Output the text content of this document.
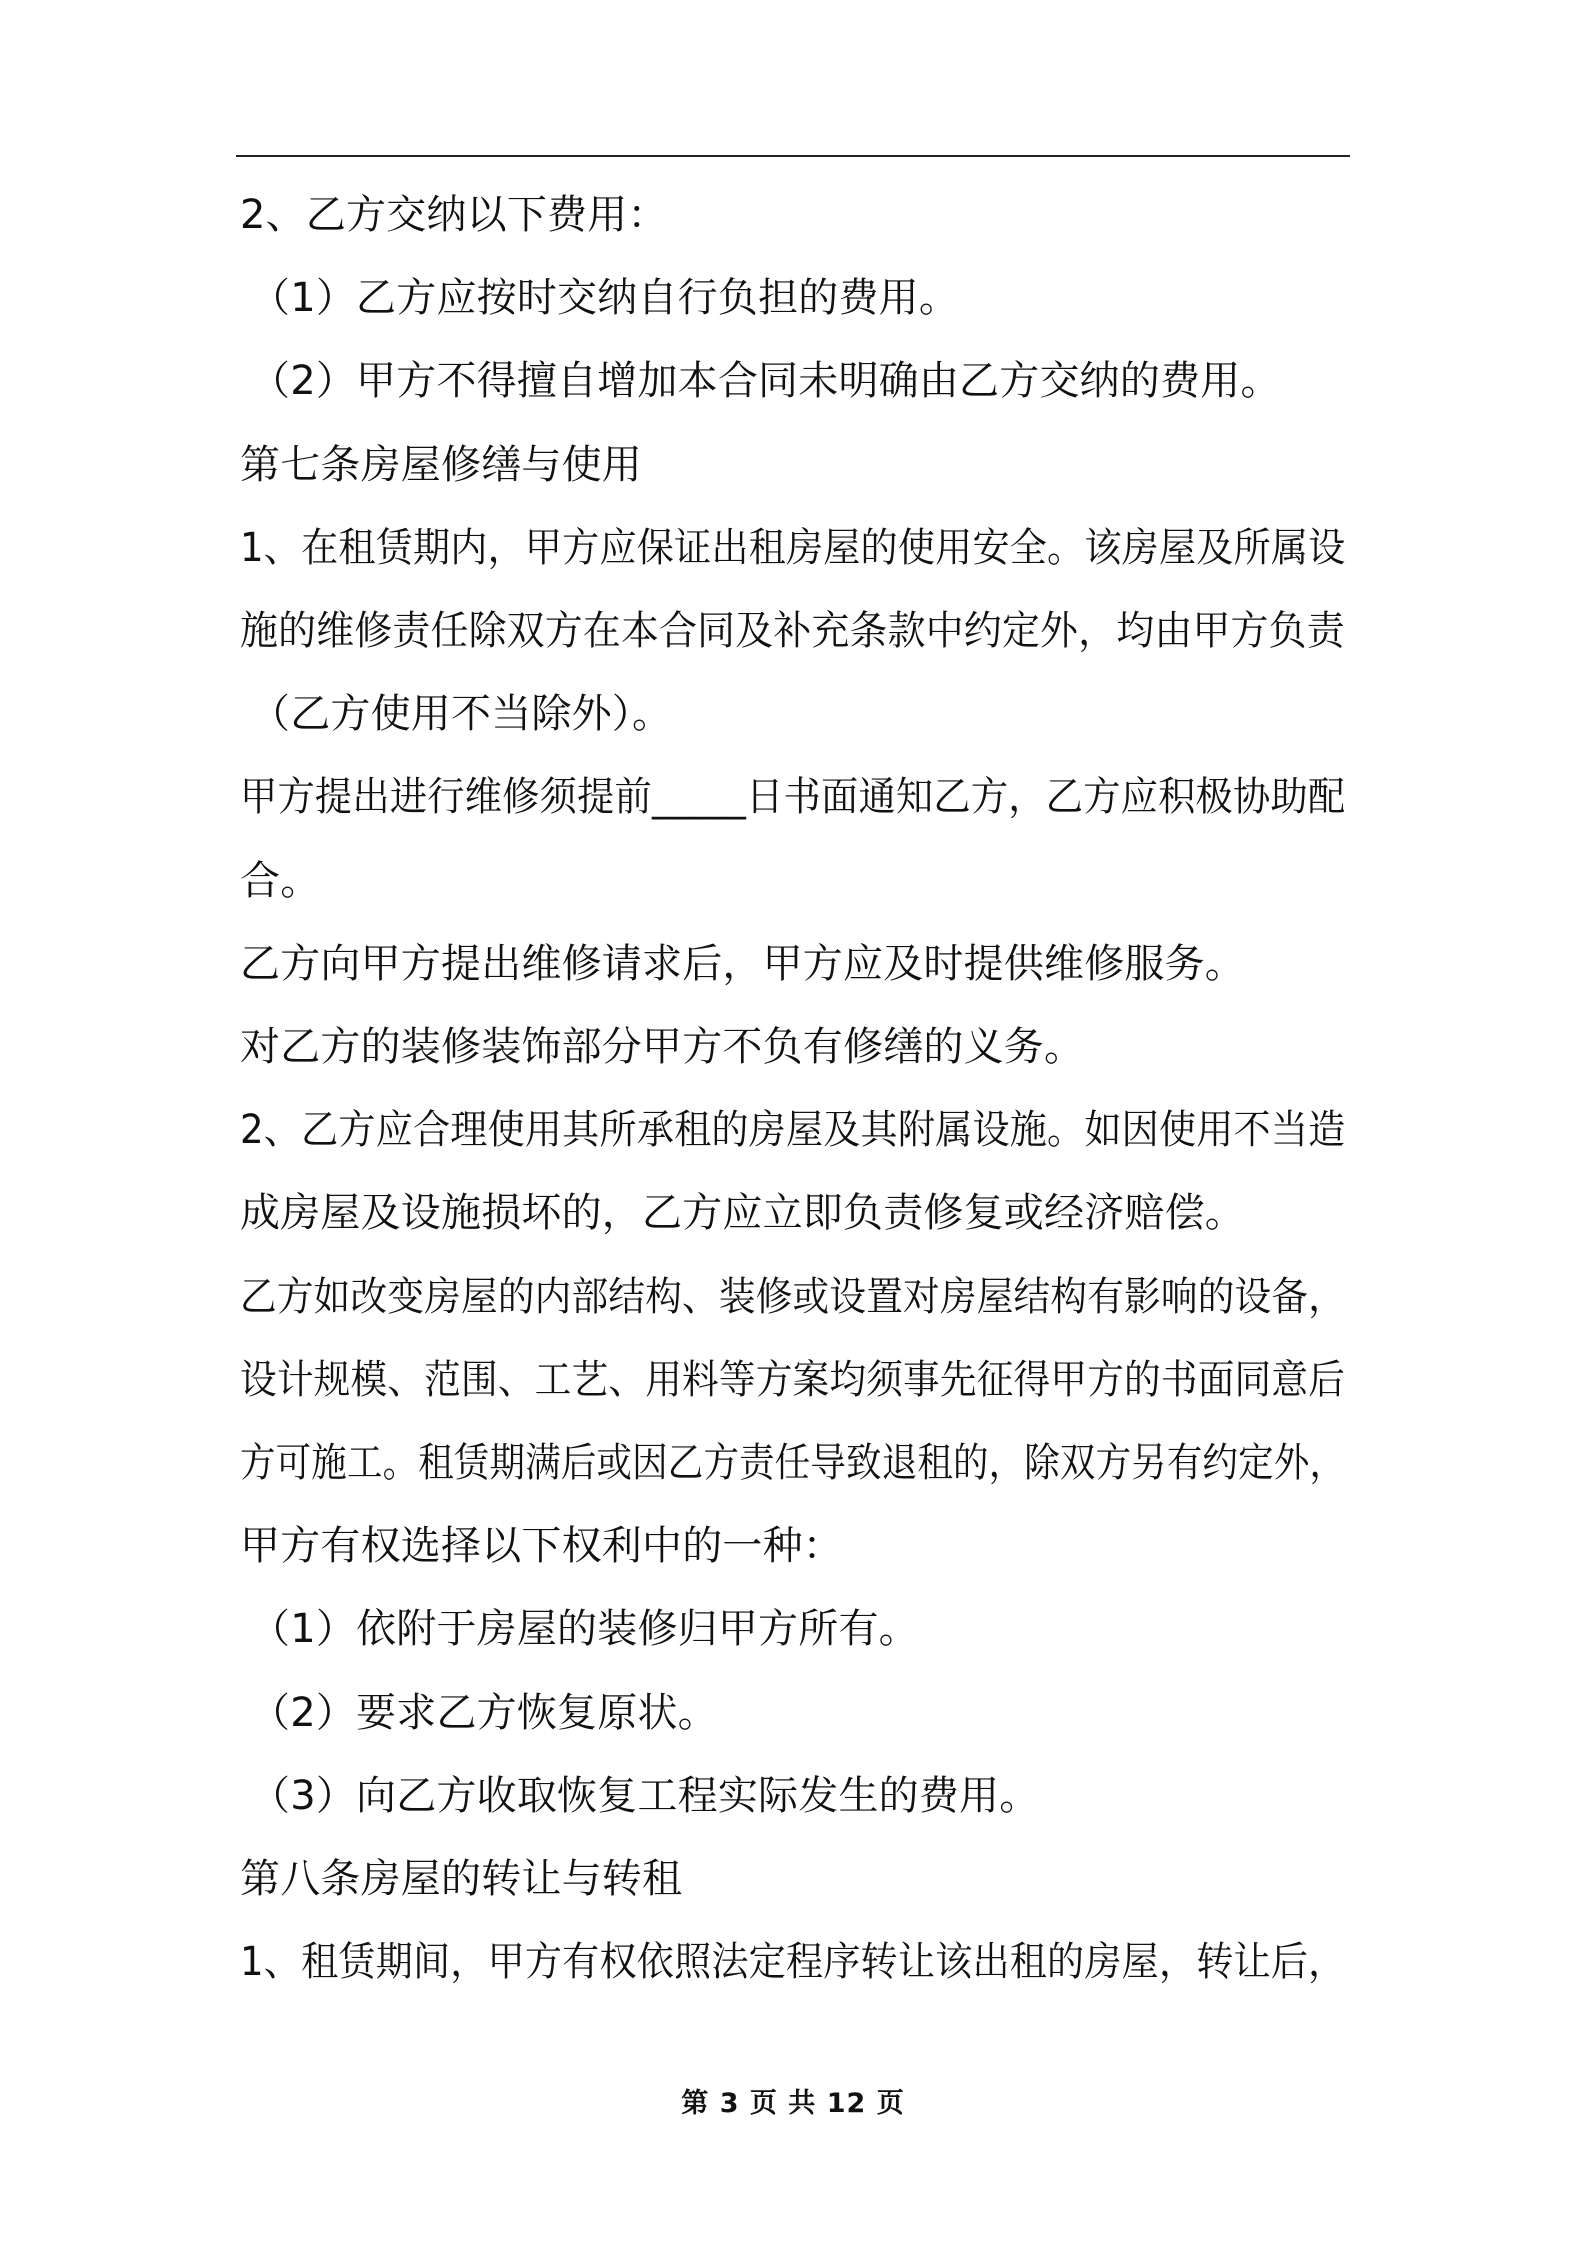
2、乙方交纳以下费用：
（1）乙方应按时交纳自行负担的费用。
（2）甲方不得擅自增加本合同未明确由乙方交纳的费用。
第七条房屋修缮与使用
1、在租赁期内，甲方应保证出租房屋的使用安全。该房屋及所属设
施的维修责任除双方在本合同及补充条款中约定外，均由甲方负责
（乙方使用不当除外）。
甲方提出进行维修须提前_____日书面通知乙方，乙方应积极协助配
合。
乙方向甲方提出维修请求后，甲方应及时提供维修服务。
对乙方的装修装饰部分甲方不负有修缮的义务。
2、乙方应合理使用其所承租的房屋及其附属设施。如因使用不当造
成房屋及设施损坏的，乙方应立即负责修复或经济赔偿。
乙方如改变房屋的内部结构、装修或设置对房屋结构有影响的设备，
设计规模、范围、工艺、用料等方案均须事先征得甲方的书面同意后
方可施工。租赁期满后或因乙方责任导致退租的，除双方另有约定外，
甲方有权选择以下权利中的一种：
（1）依附于房屋的装修归甲方所有。
（2）要求乙方恢复原状。
（3）向乙方收取恢复工程实际发生的费用。
第八条房屋的转让与转租
1、租赁期间，甲方有权依照法定程序转让该出租的房屋，转让后，
第 3 页 共 12 页
